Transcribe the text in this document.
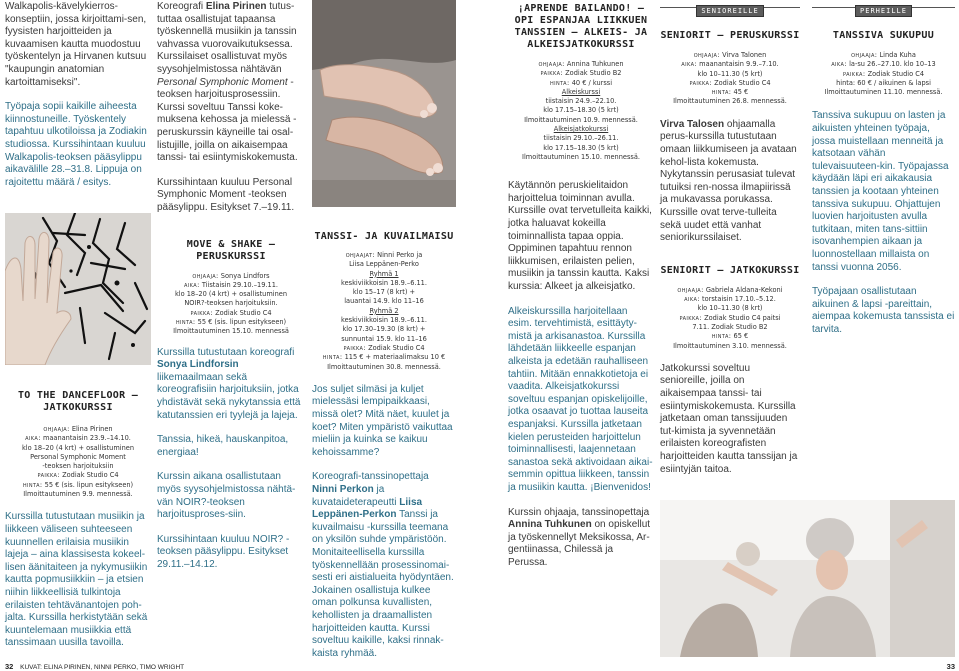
Walkapolis-kävelykierros-konseptiin, jossa kirjoittami-sen, fyysisten harjoitteiden ja kuvaamisen kautta muodostuu työskentelyn ja Hirvanen kutsuu "kaupungin anatomian kartoittamiseksi".

Työpaja sopii kaikille aiheesta kiinnostuneille. Työskentely tapahtuu ulkotiloissa ja Zodiakin studiossa. Kurssihintaan kuuluu Walkapolis-teoksen pääsylippu aikavälille 28.–31.8. Lippuja on rajoitettu määrä / esitys.

TO THE DANCEFLOOR –
JATKOKURSSI

ohjaaja: Elina Pirinen

aika: maanantaisin 23.9.–14.10.

klo 18–20 (4 krt) + osallistuminen

Personal Symphonic Moment

-teoksen harjoituksiin

paikka: Zodiak Studio C4

hinta: 55 € (sis. lipun esitykseen)

Ilmoittautuminen 9.9. mennessä.

Kurssilla tutustutaan musiikin ja liikkeen väliseen suhteeseen kuunnellen erilaisia musiikin lajeja – aina klassisesta kokeel-lisen äänitaiteen ja nykymusiikin kautta popmusiikkiin – ja etsien niihin liikkeellisiä tulkintoja erilaisten tehtävänantojen poh-jalta. Kurssilla herkistytään sekä kuuntelemaan musiikkia että tanssimaan uusilla tavoilla.

Koreografi Elina Pirinen tutus-tuttaa osallistujat tapaansa työskennellä musiikin ja tanssin vahvassa vuorovaikutuksessa. Kurssilaiset osallistuvat myös syysohjelmistossa nähtävän Personal Symphonic Moment -teoksen harjoitusprosessiin.

Kurssi soveltuu Tanssi koke-muksena kehossa ja mielessä -peruskurssin käyneille tai osal-listujille, joilla on aikaisempaa tanssi- tai esiintymiskokemusta.

Kurssihintaan kuuluu Personal Symphonic Moment -teoksen pääsylippu. Esitykset 7.–19.11.

MOVE & SHAKE –
PERUSKURSSI

ohjaaja: Sonya Lindfors

aika: Tiistaisin 29.10.–19.11.

klo 18–20 (4 krt) + osallistuminen

NOIR?-teoksen harjoituksiin.

paikka: Zodiak Studio C4

hinta: 55 € (sis. lipun esitykseen)

Ilmoittautuminen 15.10. mennessä

Kurssilla tutustutaan koreografi Sonya Lindforsin liikemaailmaan sekä koreografisiin harjoituksiin, jotka yhdistävät sekä nykytanssia että katutanssien eri tyylejä ja lajeja.

Tanssia, hikeä, hauskanpitoa, energiaa!

Kurssin aikana osallistutaan myös syysohjelmistossa nähtä-vän NOIR?-teoksen harjoitusproses-siin.

Kurssihintaan kuuluu NOIR? -teoksen pääsylippu. Esitykset 29.11.–14.12.

TANSSI- JA KUVAILMAISU

ohjaajat: Ninni Perko ja

Liisa Leppänen-Perko

Ryhmä 1

keskiviikkoisin 18.9.–6.11.

klo 15–17 (8 krt) +

lauantai 14.9. klo 11–16

Ryhmä 2

keskiviikkoisin 18.9.–6.11.

klo 17.30–19.30 (8 krt) +

sunnuntai 15.9. klo 11–16

paikka: Zodiak Studio C4

hinta: 115 € + materiaalimaksu 10 €

Ilmoittautuminen 30.8. mennessä.

Jos suljet silmäsi ja kuljet mielessäsi lempipaikkaasi, missä olet? Mitä näet, kuulet ja koet? Miten ympäristö vaikuttaa mieliin ja kuinka se kaikuu kehoissamme?

Koreografi-tanssinopettaja Ninni Perkon ja kuvataideterapeutti Liisa Leppänen-Perkon Tanssi ja kuvailmaisu -kurssilla teemana on yksilön suhde ympäristöön. Monitaiteellisella kurssilla työskennellään prosessinomai-sesti eri aistialueita hyödyntäen. Jokainen osallistuja kulkee oman polkunsa kuvallisten, kehollisten ja draamallisten harjoitteiden kautta. Kurssi soveltuu kaikille, kaksi rinnak-kaista ryhmää.

¡APRENDE BAILANDO! –
OPI ESPANJAA LIIKKUEN
TANSSIEN – ALKEIS- JA
ALKEISJATKOKURSSI

ohjaaja: Annina Tuhkunen

paikka: Zodiak Studio B2

hinta: 40 € / kurssi

Alkeiskurssi

tiistaisin 24.9.–22.10.

klo 17.15–18.30 (5 krt)

Ilmoittautuminen 10.9. mennessä.

Alkeisjatkokurssi

tiistaisin 29.10.–26.11.

klo 17.15–18.30 (5 krt)

Ilmoittautuminen 15.10. mennessä.

Käytännön peruskielitaidon harjoittelua toiminnan avulla. Kurssille ovat tervetulleita kaikki, jotka haluavat kokeilla toiminnallista tapaa oppia. Oppiminen tapahtuu rennon liikkumisen, erilaisten pelien, musiikin ja tanssin kautta. Kaksi kurssia: Alkeet ja alkeisjatko.

Alkeiskurssilla harjoitellaan esim. tervehtimistä, esittäyty-mistä ja arkisanastoa. Kurssilla lähdetään liikkeelle espanjan alkeista ja edetään rauhalliseen tahtiin. Mitään ennakkotietoja ei vaadita. Alkeisjatkokurssi soveltuu espanjan opiskelijoille, jotka osaavat jo tuottaa lauseita espanjaksi. Kurssilla jatketaan kielen perusteiden harjoittelun toiminnallisesti, laajennetaan sanastoa sekä aktivoidaan aikai-semmin opittua liikkeen, tanssin ja musiikin kautta. ¡Bienvenidos!

Kurssin ohjaaja, tanssinopettaja Annina Tuhkunen on opiskellut ja työskennellyt Meksikossa, Ar-gentiinassa, Chilessä ja Perussa.

SENIOREILLE

SENIORIT – PERUSKURSSI

ohjaaja: Virva Talonen

aika: maanantaisin 9.9.–7.10.

klo 10–11.30 (5 krt)

paikka: Zodiak Studio C4

hinta: 45 €

Ilmoittautuminen 26.8. mennessä.

Virva Talosen ohjaamalla perus-kurssilla tutustutaan omaan liikkumiseen ja avataan kehol-lista kokemusta. Nykytanssin perusasiat tulevat tutuiksi ren-nossa ilmapiirissä ja mukavassa porukassa. Kurssille ovat terve-tulleita sekä uudet että vanhat seniorikurssilaiset.

SENIORIT – JATKOKURSSI

ohjaaja: Gabriela Aldana-Kekoni

aika: torstaisin 17.10.–5.12.

klo 10–11.30 (8 krt)

paikka: Zodiak Studio C4 paitsi

7.11. Zodiak Studio B2

hinta: 65 €

Ilmoittautuminen 3.10. mennessä.

Jatkokurssi soveltuu senioreille, joilla on aikaisempaa tanssi- tai esiintymiskokemusta. Kurssilla jatketaan oman tanssijuuden tut-kimista ja syvennetään erilaisten koreografisten harjoitteiden kautta tanssijan ja esiintyjän taitoa.

PERHEILLE

TANSSIVA SUKUPUU

ohjaaja: Linda Kuha

aika: la-su 26.–27.10. klo 10–13

paikka: Zodiak Studio C4

hinta: 60 € / aikuinen & lapsi

Ilmoittautuminen 11.10. mennessä.

Tanssiva sukupuu on lasten ja aikuisten yhteinen työpaja, jossa muistellaan menneitä ja katsotaan vähän tulevaisuuteen-kin. Työpajassa käydään läpi eri aikakausia tanssien ja kootaan yhteinen tanssiva sukupuu. Ohjattujen luovien harjoitusten avulla tutkitaan, miten tans-sittiin isovanhempien aikaan ja luonnostellaan millaista on tanssi vuonna 2056.

Työpajaan osallistutaan aikuinen & lapsi -pareittain, aiempaa kokemusta tanssista ei tarvita.

32 KUVAT: ELINA PIRINEN, NINNI PERKO, TIMO WRIGHT	33
